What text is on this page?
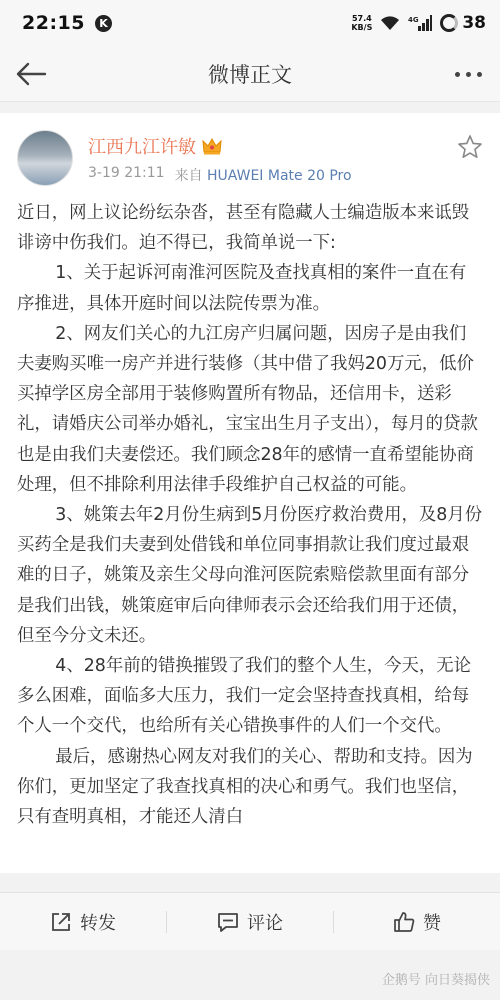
22:15	K	57.4
KB/S
4G	38
微博正文
江西九江许敏
3-19 21:11 来自 HUAWEI Mate 20 Pro

近日，网上议论纷纭杂沓，甚至有隐藏人士编造版本来诋毁诽谤中伤我们。迫不得已，我简单说一下:

1、关于起诉河南淮河医院及查找真相的案件一直在有序推进，具体开庭时间以法院传票为准。

2、网友们关心的九江房产归属问题，因房子是由我们夫妻购买唯一房产并进行装修（其中借了我妈20万元，低价买掉学区房全部用于装修购置所有物品，还信用卡，送彩礼，请婚庆公司举办婚礼，宝宝出生月子支出），每月的贷款也是由我们夫妻偿还。我们顾念28年的感情一直希望能协商处理，但不排除利用法律手段维护自己权益的可能。

3、姚策去年2月份生病到5月份医疗救治费用，及8月份买药全是我们夫妻到处借钱和单位同事捐款让我们度过最艰难的日子，姚策及亲生父母向淮河医院索赔偿款里面有部分是我们出钱，姚策庭审后向律师表示会还给我们用于还债，但至今分文未还。

4、28年前的错换摧毁了我们的整个人生，今天，无论多么困难，面临多大压力，我们一定会坚持查找真相，给每个人一个交代，也给所有关心错换事件的人们一个交代。

最后，感谢热心网友对我们的关心、帮助和支持。因为你们，更加坚定了我查找真相的决心和勇气。我们也坚信，只有查明真相，才能还人清白

转发	评论	赞
企鹅号 向日葵揭侠
